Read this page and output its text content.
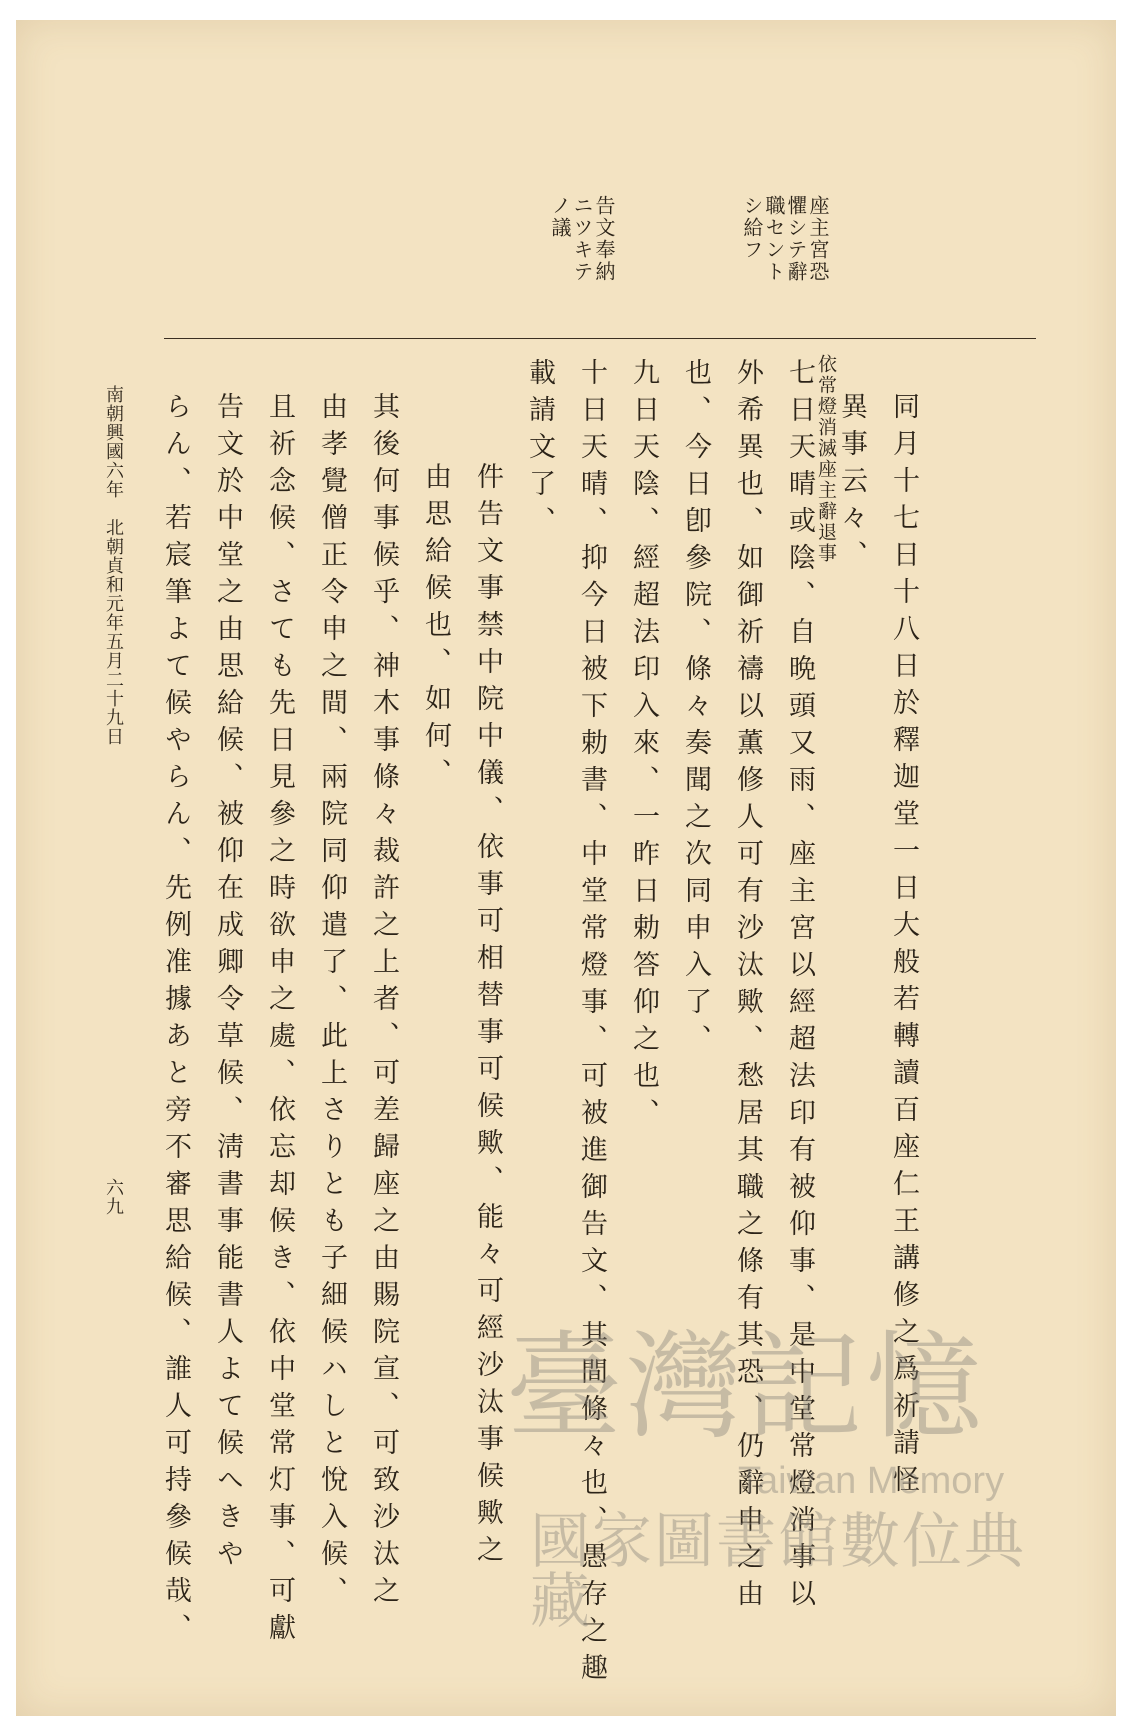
座主宮恐
懼シテ辭
職セント
シ給フ
告文奉納
ニツキテ
ノ議
同月十七日十八日於釋迦堂一日大般若轉讀百座仁王講修之爲祈請怪
異事云々、
依常燈消滅座主辭退事
七日天晴或陰、自晩頭又雨、座主宮以經超法印有被仰事、是中堂常燈消事以
外希異也、如御祈禱以薫修人可有沙汰歟、愁居其職之條有其恐、仍辭申之由
也、今日卽參院、條々奏聞之次同申入了、
九日天陰、經超法印入來、一昨日勅答仰之也、
十日天晴、抑今日被下勅書、中堂常燈事、可被進御告文、其間條々也、愚存之趣
載請文了、
件告文事禁中院中儀、依事可相替事可候歟、能々可經沙汰事候歟之
由思給候也、如何、
其後何事候乎、神木事條々裁許之上者、可差歸座之由賜院宣、可致沙汰之
由孝覺僧正令申之間、兩院同仰遣了、此上さりとも子細候ハしと悅入候、
且祈念候、さても先日見參之時欲申之處、依忘却候き、依中堂常灯事、可獻
告文於中堂之由思給候、被仰在成卿令草候、淸書事能書人よて候へきや
らん、若宸筆よて候やらん、先例准據あと旁不審思給候、誰人可持參候哉、
南朝興國六年　北朝貞和元年五月二十九日
六九
臺灣記憶
Taiwan Memory
國家圖書館數位典藏
